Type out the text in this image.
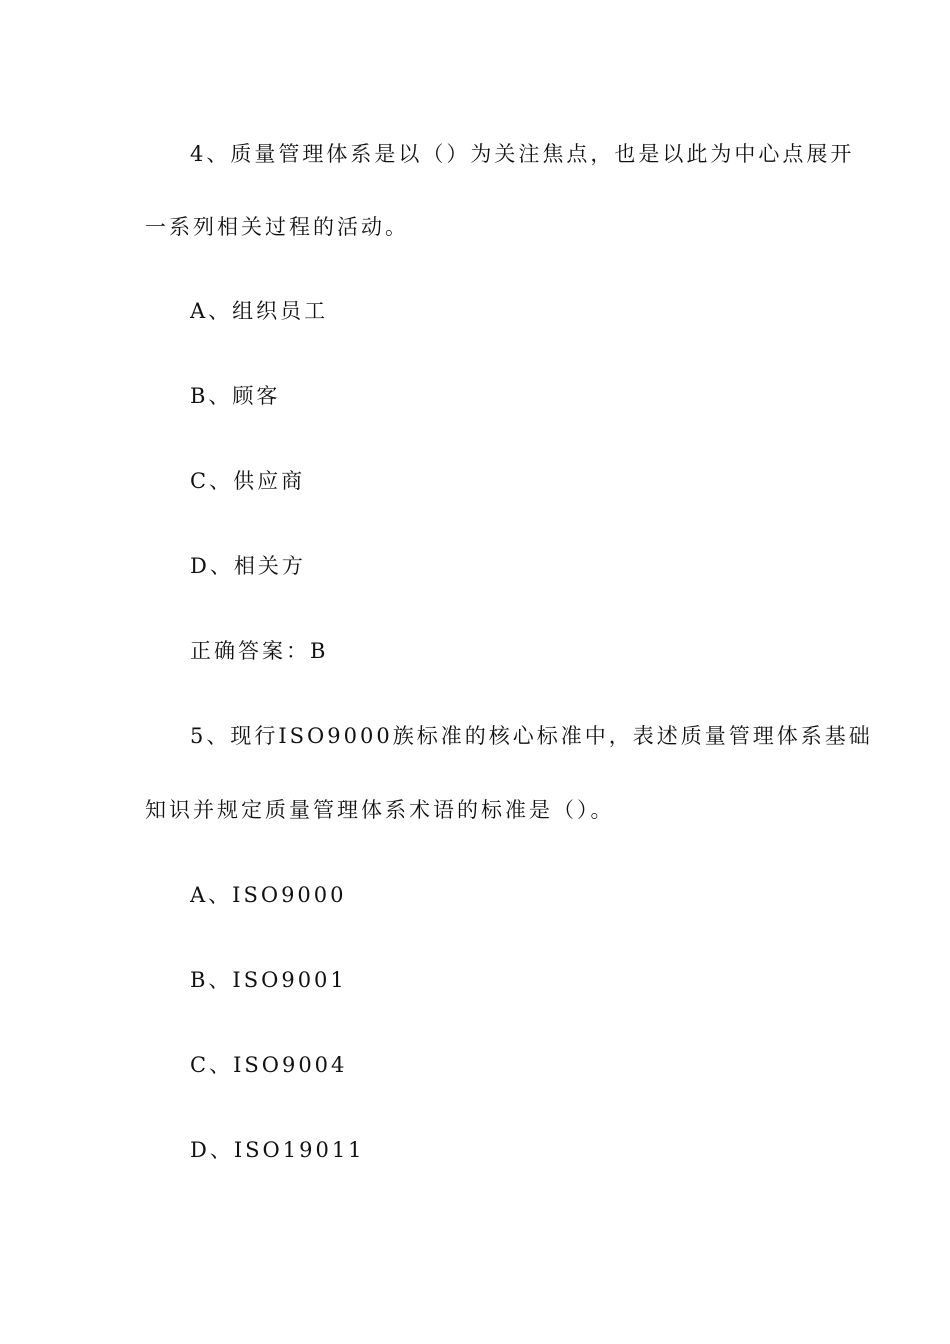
4、质量管理体系是以（）为关注焦点，也是以此为中心点展开
一系列相关过程的活动。
A、组织员工
B、顾客
C、供应商
D、相关方
正确答案：B
5、现行ISO9000族标准的核心标准中，表述质量管理体系基础
知识并规定质量管理体系术语的标准是（）。
A、ISO9000
B、ISO9001
C、ISO9004
D、ISO19011
